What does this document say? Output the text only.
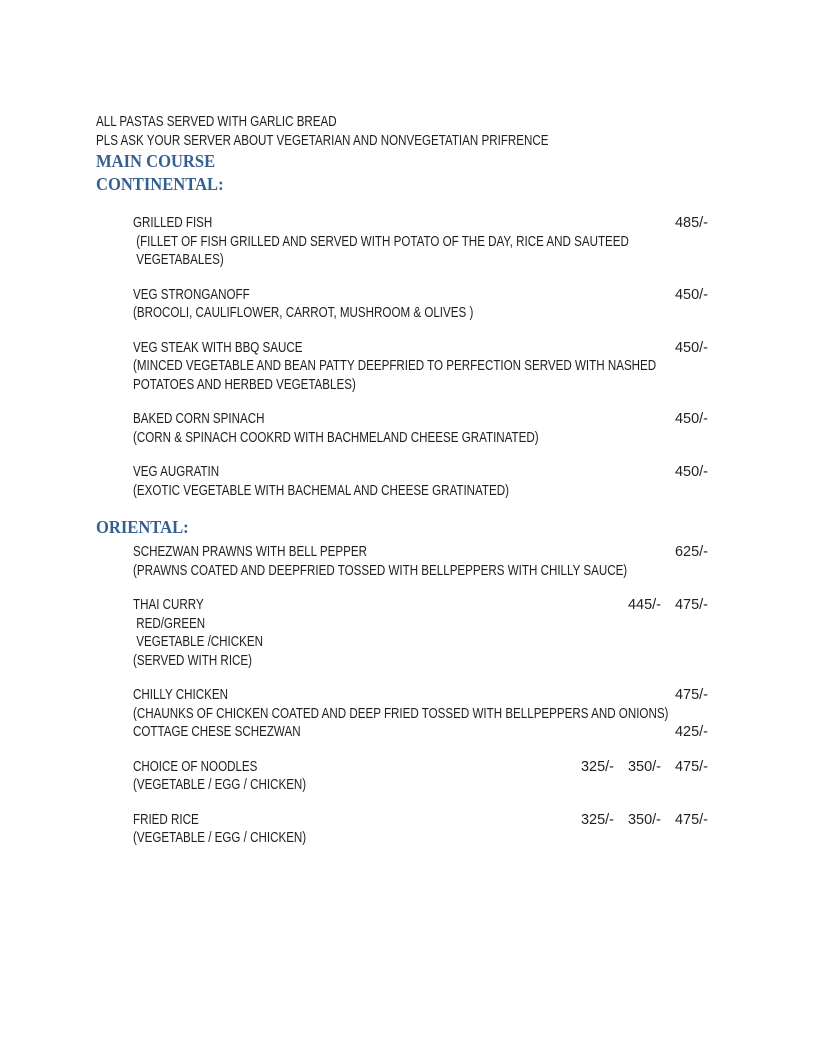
ALL PASTAS SERVED WITH GARLIC BREAD
PLS ASK YOUR SERVER ABOUT VEGETARIAN AND NONVEGETATIAN PRIFRENCE
MAIN COURSE
CONTINENTAL:
GRILLED FISH	485/-
(FILLET OF FISH GRILLED AND SERVED WITH POTATO OF THE DAY, RICE AND SAUTEED
VEGETABALES)
VEG STRONGANOFF	450/-
(BROCOLI, CAULIFLOWER, CARROT, MUSHROOM & OLIVES )
VEG STEAK WITH BBQ SAUCE	450/-
(MINCED VEGETABLE AND BEAN PATTY DEEPFRIED TO PERFECTION SERVED WITH NASHED
POTATOES AND HERBED VEGETABLES)
BAKED CORN SPINACH	450/-
(CORN & SPINACH COOKRD WITH BACHMELAND CHEESE GRATINATED)
VEG AUGRATIN	450/-
(EXOTIC VEGETABLE WITH BACHEMAL AND CHEESE GRATINATED)
ORIENTAL:
SCHEZWAN PRAWNS WITH BELL PEPPER	625/-
(PRAWNS COATED AND DEEPFRIED TOSSED WITH BELLPEPPERS WITH CHILLY SAUCE)
THAI CURRY	445/- 475/-
RED/GREEN
VEGETABLE /CHICKEN
(SERVED WITH RICE)
CHILLY CHICKEN	475/-
(CHAUNKS OF CHICKEN COATED AND DEEP FRIED TOSSED WITH BELLPEPPERS AND ONIONS)
COTTAGE CHESE SCHEZWAN	425/-
CHOICE OF NOODLES	325/- 350/- 475/-
(VEGETABLE / EGG / CHICKEN)
FRIED RICE	325/- 350/- 475/-
(VEGETABLE / EGG / CHICKEN)
